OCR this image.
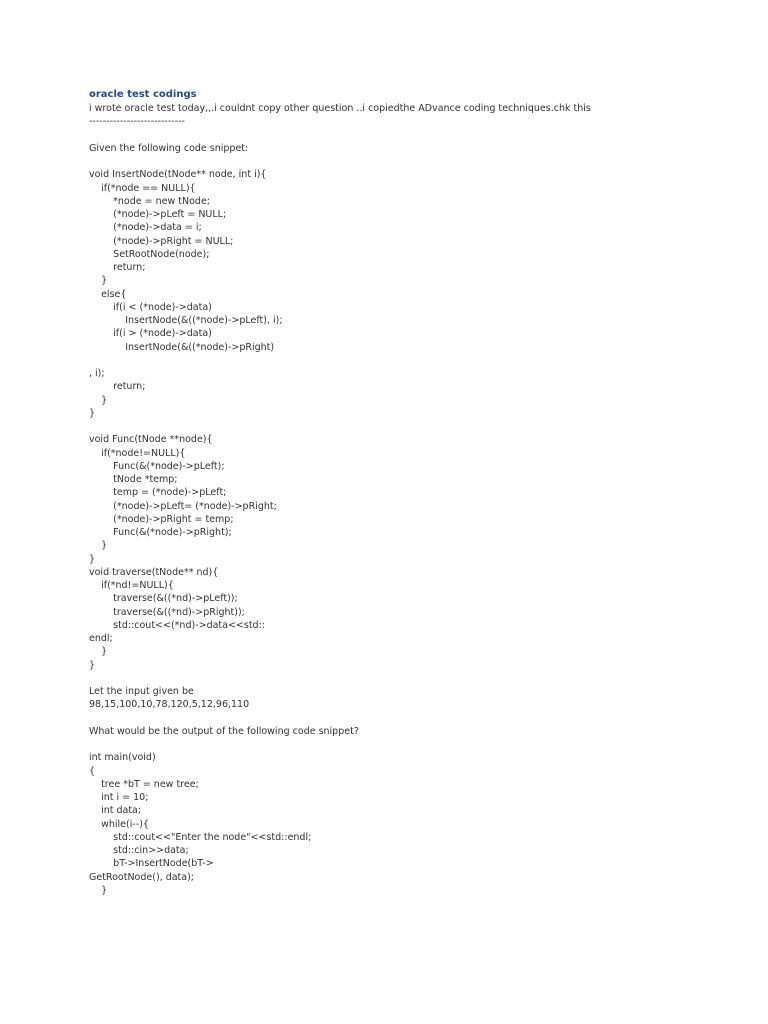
oracle test codings
i wrote oracle test today,,.i couldnt copy other question ..i copiedthe ADvance coding techniques.chk this
----------------------------
Given the following code snippet:
void InsertNode(tNode** node, int i){
if(*node == NULL){
*node = new tNode;
(*node)->pLeft = NULL;
(*node)->data = i;
(*node)->pRight = NULL;
SetRootNode(node);
return;
}
else{
if(i < (*node)->data)
InsertNode(&((*node)->pLeft), i);
if(i > (*node)->data)
InsertNode(&((*node)->pRight)
, i);
return;
}
}
void Func(tNode **node){
if(*node!=NULL){
Func(&(*node)->pLeft);
tNode *temp;
temp = (*node)->pLeft;
(*node)->pLeft= (*node)->pRight;
(*node)->pRight = temp;
Func(&(*node)->pRight);
}
}
void traverse(tNode** nd){
if(*nd!=NULL){
traverse(&((*nd)->pLeft));
traverse(&((*nd)->pRight));
std::cout<<(*nd)->data<<std::
endl;
}
}
Let the input given be
98,15,100,10,78,120,5,12,96,110
What would be the output of the following code snippet?
int main(void)
{
tree *bT = new tree;
int i = 10;
int data;
while(i--){
std::cout<<"Enter the node"<<std::endl;
std::cin>>data;
bT->InsertNode(bT->
GetRootNode(), data);
}
